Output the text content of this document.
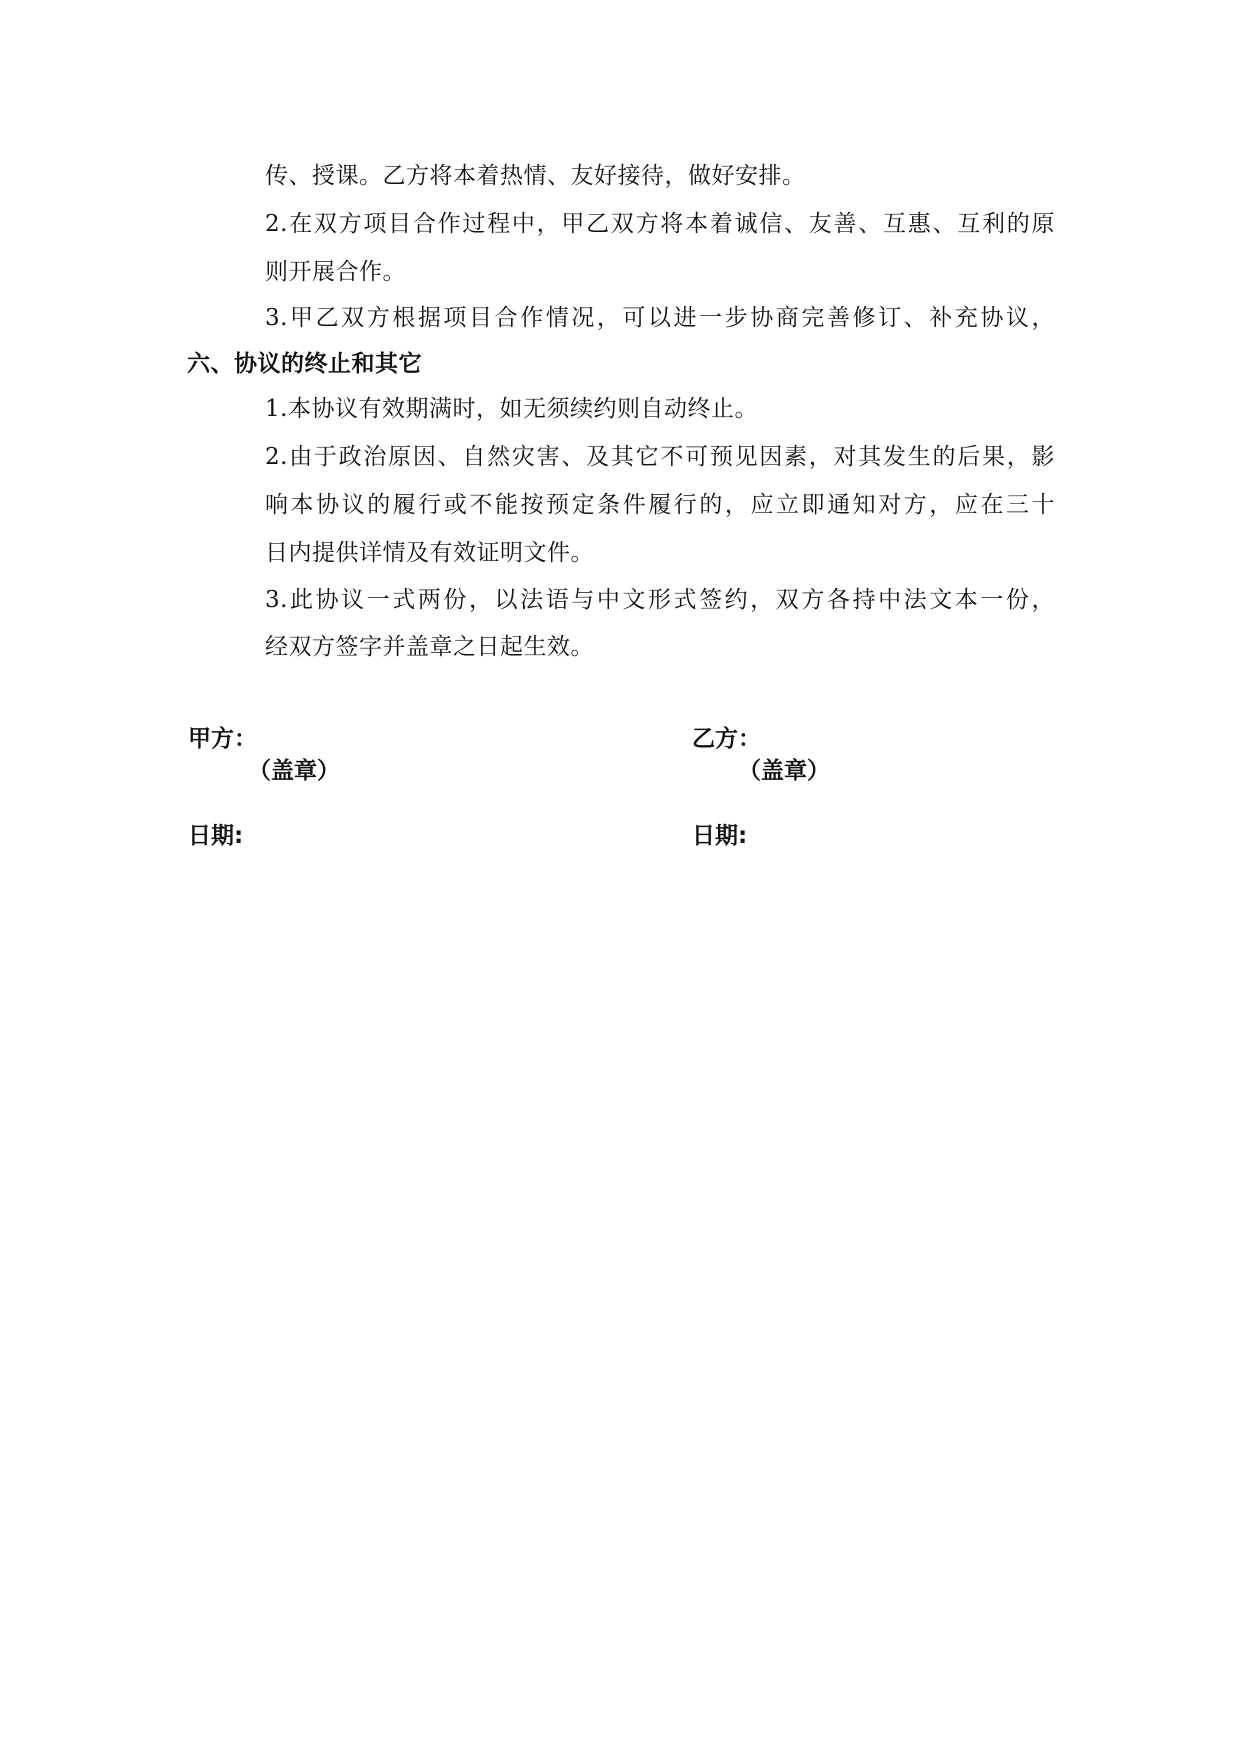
传、授课。乙方将本着热情、友好接待，做好安排。
2.在双方项目合作过程中，甲乙双方将本着诚信、友善、互惠、互利的原
则开展合作。
3.甲乙双方根据项目合作情况，可以进一步协商完善修订、补充协议，
六、协议的终止和其它
1.本协议有效期满时，如无须续约则自动终止。
2.由于政治原因、自然灾害、及其它不可预见因素，对其发生的后果，影
响本协议的履行或不能按预定条件履行的，应立即通知对方，应在三十
日内提供详情及有效证明文件。
3.此协议一式两份，以法语与中文形式签约，双方各持中法文本一份，
经双方签字并盖章之日起生效。
甲方：
（盖章）
日期:
乙方：
（盖章）
日期:
